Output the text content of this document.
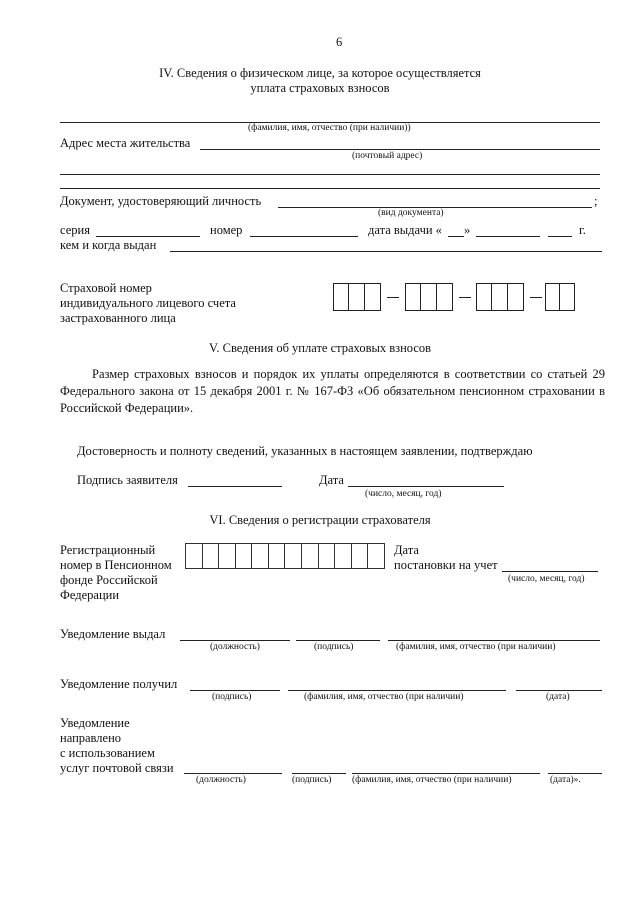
6
IV. Сведения о физическом лице, за которое осуществляется
уплата страховых взносов
(фамилия, имя, отчество (при наличии))
Адрес места жительства
(почтовый адрес)
Документ, удостоверяющий личность	;
(вид документа)
серия	номер	дата выдачи « »	г.
кем и когда выдан
Страховой номер
индивидуального лицевого счета
застрахованного лица
V. Сведения об уплате страховых взносов
Размер страховых взносов и порядок их уплаты определяются в соответствии со статьей 29 Федерального закона от 15 декабря 2001 г. № 167-ФЗ «Об обязательном пенсионном страховании в Российской Федерации».
Достоверность и полноту сведений, указанных в настоящем заявлении, подтверждаю
Подпись заявителя	Дата
(число, месяц, год)
VI. Сведения о регистрации страхователя
Регистрационный
номер в Пенсионном
фонде Российской
Федерации
Дата
постановки на учет
(число, месяц, год)
Уведомление выдал
(должность)	(подпись)	(фамилия, имя, отчество (при наличии)
Уведомление получил
(подпись)	(фамилия, имя, отчество (при наличии)	(дата)
Уведомление
направлено
с использованием
услуг почтовой связи
(должность)	(подпись) (фамилия, имя, отчество (при наличии)	(дата)».
